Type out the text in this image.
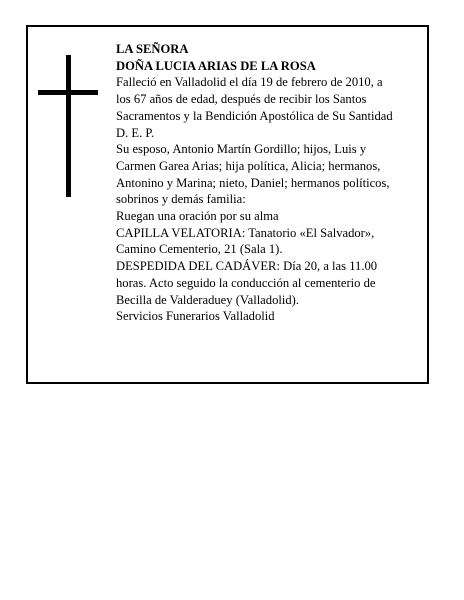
LA SEÑORA
DOÑA LUCIA ARIAS DE LA ROSA
Falleció en Valladolid el día 19 de febrero de 2010, a
los 67 años de edad, después de recibir los Santos
Sacramentos y la Bendición Apostólica de Su Santidad
D. E. P.
Su esposo, Antonio Martín Gordillo; hijos, Luis y
Carmen Garea Arias; hija política, Alicia; hermanos,
Antonino y Marina; nieto, Daniel; hermanos políticos,
sobrinos y demás familia:
Ruegan una oración por su alma
CAPILLA VELATORIA: Tanatorio «El Salvador»,
Camino Cementerio, 21 (Sala 1).
DESPEDIDA DEL CADÁVER: Día 20, a las 11.00
horas. Acto seguido la conducción al cementerio de
Becilla de Valderaduey (Valladolid).
Servicios Funerarios Valladolid
